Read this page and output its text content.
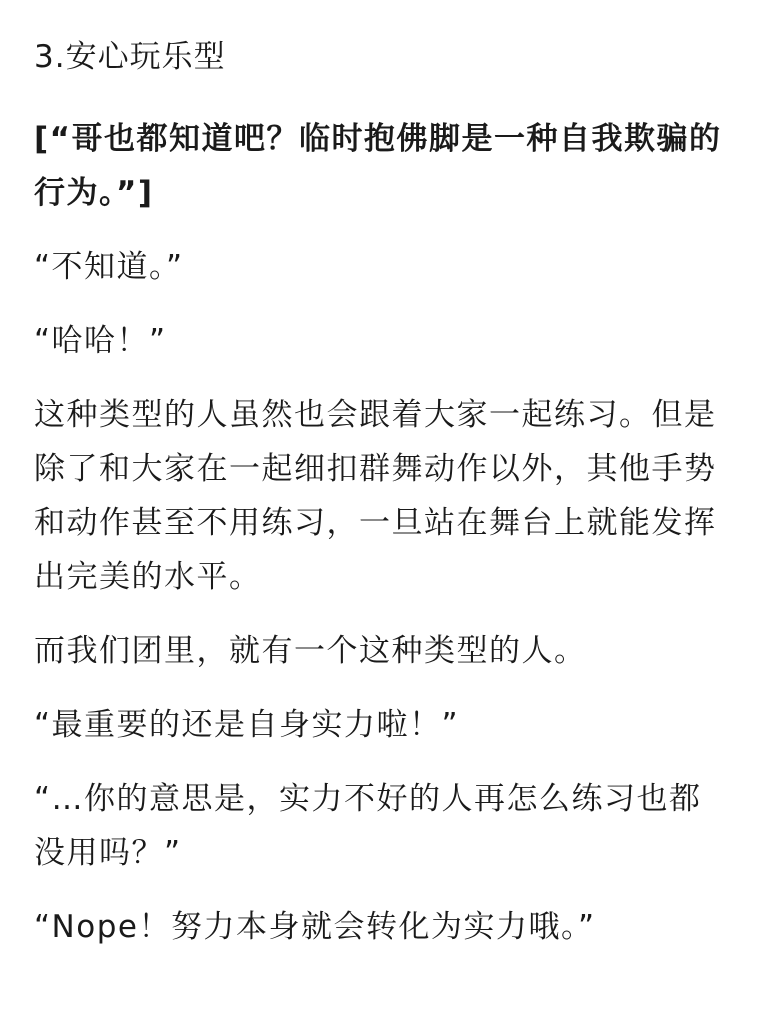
3.安心玩乐型

[“哥也都知道吧？临时抱佛脚是一种自我欺骗的行为。”]

“不知道。”

“哈哈！”

这种类型的人虽然也会跟着大家一起练习。但是除了和大家在一起细扣群舞动作以外，其他手势和动作甚至不用练习，一旦站在舞台上就能发挥出完美的水平。

而我们团里，就有一个这种类型的人。

“最重要的还是自身实力啦！”

“…你的意思是，实力不好的人再怎么练习也都没用吗？”

“Nope！努力本身就会转化为实力哦。”
